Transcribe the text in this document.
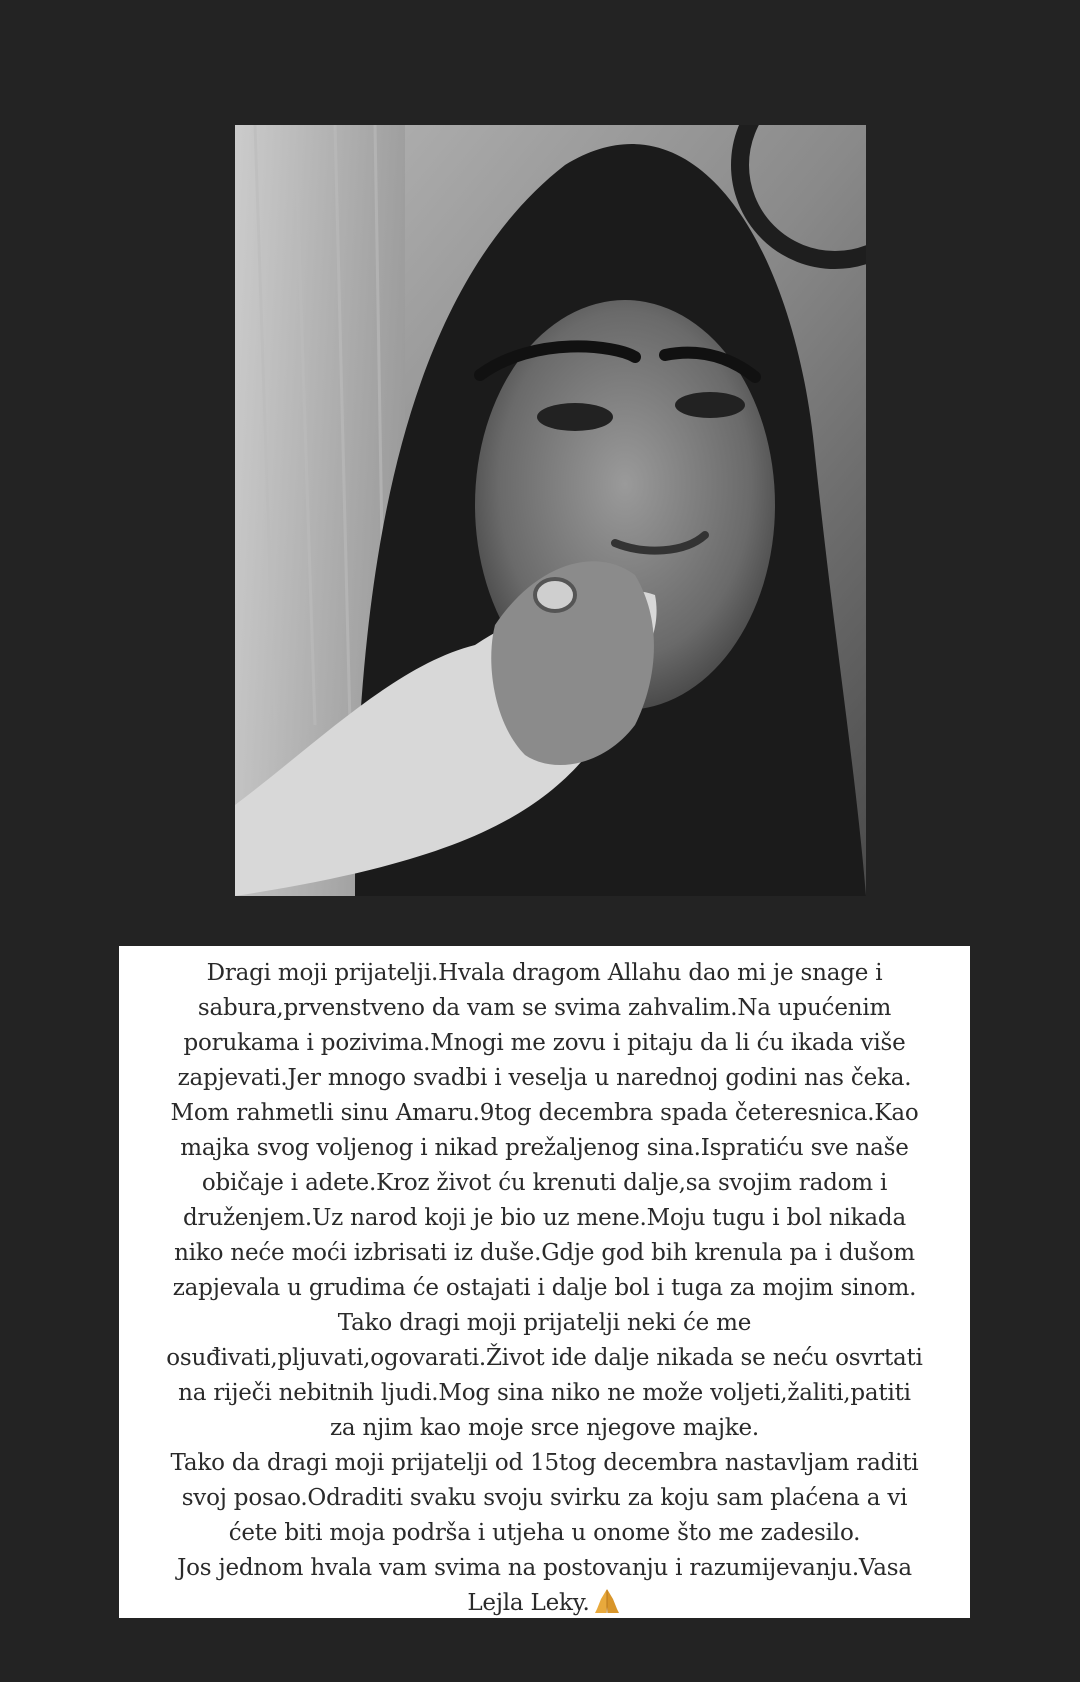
Dragi moji prijatelji.Hvala dragom Allahu dao mi je snage i
sabura,prvenstveno da vam se svima zahvalim.Na upućenim
porukama i pozivima.Mnogi me zovu i pitaju da li ću ikada više
zapjevati.Jer mnogo svadbi i veselja u narednoj godini nas čeka.
Mom rahmetli sinu Amaru.9tog decembra spada četeresnica.Kao
majka svog voljenog i nikad prežaljenog sina.Ispratiću sve naše
običaje i adete.Kroz život ću krenuti dalje,sa svojim radom i
druženjem.Uz narod koji je bio uz mene.Moju tugu i bol nikada
niko neće moći izbrisati iz duše.Gdje god bih krenula pa i dušom
zapjevala u grudima će ostajati i dalje bol i tuga za mojim sinom.
Tako dragi moji prijatelji neki će me
osuđivati,pljuvati,ogovarati.Život ide dalje nikada se neću osvrtati
na riječi nebitnih ljudi.Mog sina niko ne može voljeti,žaliti,patiti
za njim kao moje srce njegove majke.
Tako da dragi moji prijatelji od 15tog decembra nastavljam raditi
svoj posao.Odraditi svaku svoju svirku za koju sam plaćena a vi
ćete biti moja podrša i utjeha u onome što me zadesilo.
Jos jednom hvala vam svima na postovanju i razumijevanju.Vasa
Lejla Leky.
